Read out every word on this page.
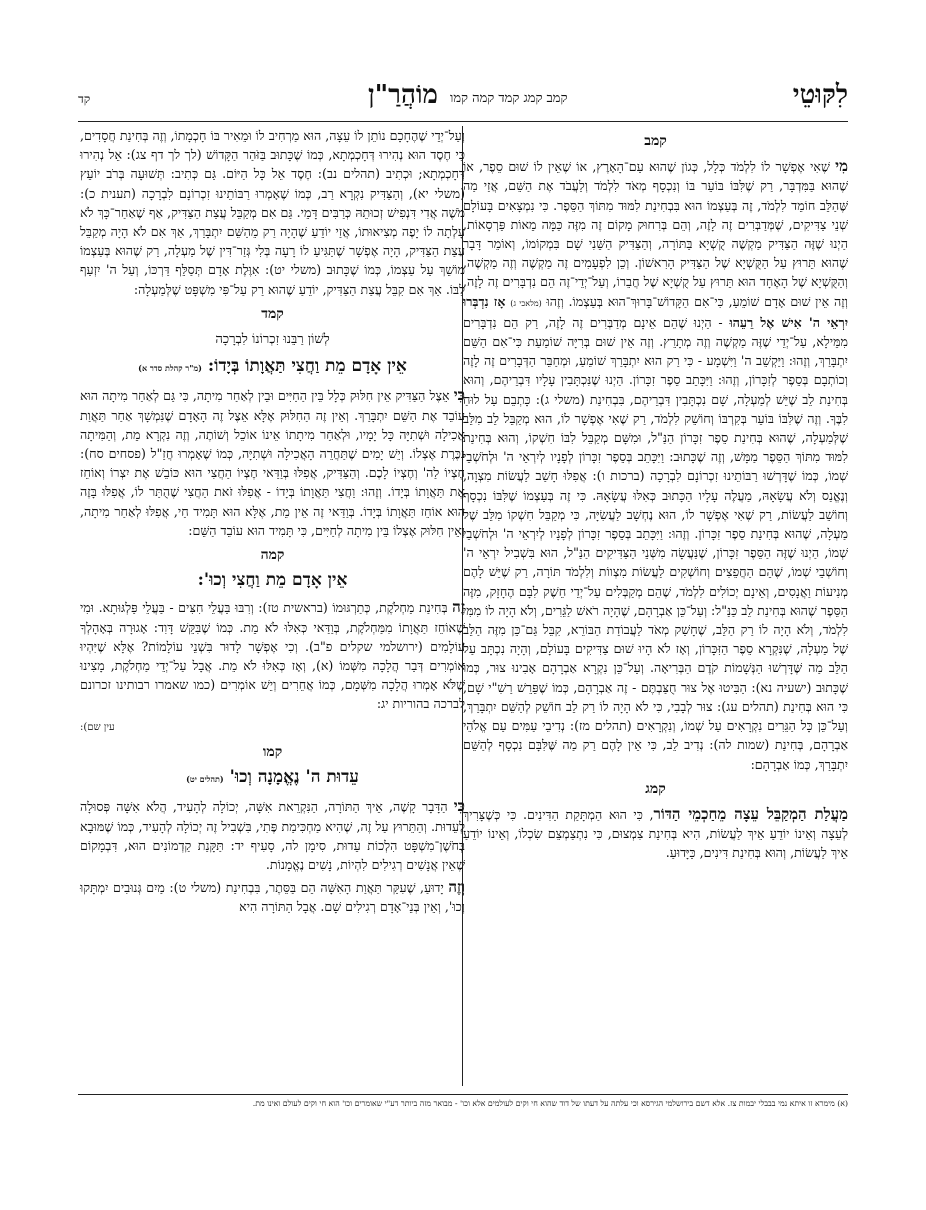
קד	מוֹהֲרַ"ן קמב קמג קמד קמה קמו	לִקּוּטֵי
קמב

מִי שֶׁאִי אֶפְשָׁר לוֹ לִלְמֹד כְּלָל, כְּגוֹן שֶׁהוּא עַם־הָאָרֶץ, אוֹ שֶׁאֵין לוֹ שׁוּם סֵפֶר, אוֹ שֶׁהוּא בַּמִּדְבָּר, רַק שֶׁלִּבּוֹ בּוֹעֵר בּוֹ וְנִכְסָף מְאֹד לִלְמֹד וְלַעֲבֹד אֶת הַשֵּׁם, אֲזַי מַה שֶּׁהַלֵּב חוֹמֵד לִלְמֹד, זֶה בְּעַצְמוֹ הוּא בִּבְחִינַת לִמּוּד מִתּוֹךְ הַסֵּפֶר. כִּי נִמְצָאִים בָּעוֹלָם שְׁנֵי צַדִּיקִים, שֶׁמְּדַבְּרִים זֶה לָזֶה, וְהֵם בְּרִחוּק מָקוֹם זֶה מִזֶּה כַּמָּה מֵאוֹת פַּרְסָאוֹת, הַיְנוּ שֶׁזֶּה הַצַּדִּיק מַקְשֶׁה קֻשְׁיָא בַּתּוֹרָה, וְהַצַּדִּיק הַשֵּׁנִי שָׁם בִּמְקוֹמוֹ, וְאוֹמֵר דָּבָר שֶׁהוּא תֵּרוּץ עַל הַקֻּשְׁיָא שֶׁל הַצַּדִּיק הָרִאשׁוֹן. וְכֵן לִפְעָמִים זֶה מַקְשֶׁה וְזֶה מַקְשֶׁה, וְהַקֻּשְׁיָא שֶׁל הָאֶחָד הוּא תֵּרוּץ עַל קֻשְׁיָא שֶׁל חֲבֵרוֹ, וְעַל־יְדֵי־זֶה הֵם נִדְבָּרִים זֶה לָזֶה, וְזֶה אֵין שׁוּם אָדָם שׁוֹמֵעַ, כִּי־אִם הַקָּדוֹשׁ־בָּרוּךְ־הוּא בְּעַצְמוֹ. וְזֶהוּ (מלאכי ג) אָז נִדְבְּרוּ יִרְאֵי ה' אִישׁ אֶל רֵעֵהוּ - הַיְנוּ שֶׁהֵם אֵינָם מְדַבְּרִים זֶה לָזֶה, רַק הֵם נִדְבָּרִים מִמֵּילָא, עַל־יְדֵי שֶׁזֶּה מַקְשֶׁה וְזֶה מְתָרֵץ. וְזֶה אֵין שׁוּם בְּרִיָּה שׁוֹמַעַת כִּי־אִם הַשֵּׁם יִתְבָּרַךְ, וְזֶהוּ: וַיַּקְשֵׁב ה' וַיִּשְׁמָע - כִּי רַק הוּא יִתְבָּרַךְ שׁוֹמֵעַ, וּמְחַבֵּר הַדְּבָרִים זֶה לָזֶה וְכוֹתְבָם בְּסֵפֶר לְזִכָּרוֹן, וְזֶהוּ: וַיִּכָּתֵב סֵפֶר זִכָּרוֹן. הַיְנוּ שֶׁנִּכְתָּבִין עָלָיו דִּבְרֵיהֶם, וְהוּא בְּחִינַת לֵב שֶׁיֵּשׁ לְמַעְלָה, שָׁם נִכְתָּבִין דִּבְרֵיהֶם, בִּבְחִינַת (משלי ג): כָּתְבֵם עַל לוּחַ לִבֶּךָ. וְזֶה שֶׁלִּבּוֹ בּוֹעֵר בְּקִרְבּוֹ וְחוֹשֵׁק לִלְמֹד, רַק שֶׁאִי אֶפְשָׁר לוֹ, הוּא מְקַבֵּל לֵב מִלֵּב שֶׁלְּמַעְלָה, שֶׁהוּא בְּחִינַת סֵפֶר זִכָּרוֹן הַנַּ"ל, וּמִשָּׁם מְקַבֵּל לִבּוֹ חִשְׁקוֹ, וְהוּא בְּחִינַת לִמּוּד מִתּוֹךְ הַסֵּפֶר מַמָּשׁ, וְזֶה שֶׁכָּתוּב: וַיִּכָּתֵב בְּסֵפֶר זִכָּרוֹן לְפָנָיו לְיִרְאֵי ה' וּלְחֹשְׁבֵי שְׁמוֹ, כְּמוֹ שֶׁדָּרְשׁוּ רַבּוֹתֵינוּ זִכְרוֹנָם לִבְרָכָה (ברכות ו): אֲפִלּוּ חָשַׁב לַעֲשׂוֹת מִצְוָה, וְנֶאֱנַס וְלֹא עֲשָׂאָהּ, מַעֲלֶה עָלָיו הַכָּתוּב כְּאִלּוּ עֲשָׂאָהּ. כִּי זֶה בְּעַצְמוֹ שֶׁלִּבּוֹ נִכְסָף וְחוֹשֵׁב לַעֲשׂוֹת, רַק שֶׁאִי אֶפְשָׁר לוֹ, הוּא נֶחְשָׁב לַעֲשִׂיָּה, כִּי מְקַבֵּל חִשְׁקוֹ מִלֵּב שֶׁל מַעְלָה, שֶׁהוּא בְּחִינַת סֵפֶר זִכָּרוֹן. וְזֶהוּ: וַיִּכָּתֵב בְּסֵפֶר זִכָּרוֹן לְפָנָיו לְיִרְאֵי ה' וּלְחֹשְׁבֵי שְׁמוֹ, הַיְנוּ שֶׁזֶּה הַסֵּפֶר זִכָּרוֹן, שֶׁנַּעֲשָׂה מִשְּׁנֵי הַצַּדִּיקִים הַנַּ"ל, הוּא בִּשְׁבִיל יִרְאֵי ה' וְחוֹשְׁבֵי שְׁמוֹ, שֶׁהֵם הַחֲפֵצִים וְחוֹשְׁקִים לַעֲשׂוֹת מִצְווֹת וְלִלְמֹד תּוֹרָה, רַק שֶׁיֵּשׁ לָהֶם מְנִיעוֹת וַאֲנָסִים, וְאֵינָם יְכוֹלִים לִלְמֹד, שֶׁהֵם מְקַבְּלִים עַל־יְדֵי חֵשֶׁק לִבָּם הֶחָזָק, מִזֶּה הַסֵּפֶר שֶׁהוּא בְּחִינַת לֵב כַּנַּ"ל: וְעַל־כֵּן אַבְרָהָם, שֶׁהָיָה רֹאשׁ לַגֵּרִים, וְלֹא הָיָה לוֹ מִמִּי לִלְמֹד, וְלֹא הָיָה לוֹ רַק הַלֵּב, שֶׁחָשַׁק מְאֹד לַעֲבוֹדַת הַבּוֹרֵא, קִבֵּל גַּם־כֵּן מִזֶּה הַלֵּב שֶׁל מַעְלָה, שֶׁנִּקְרָא סֵפֶר הַזִּכָּרוֹן, וְאָז לֹא הָיוּ שׁוּם צַדִּיקִים בָּעוֹלָם, וְהָיָה נִכְתָּב עַל הַלֵּב מַה שֶּׁדָּרְשׁוּ הַנְּשָׁמוֹת קֹדֶם הַבְּרִיאָה. וְעַל־כֵּן נִקְרָא אַבְרָהָם אָבִינוּ צוּר, כְּמוֹ שֶׁכָּתוּב (ישעיה נא): הַבִּיטוּ אֶל צוּר חֻצַּבְתֶּם - זֶה אַבְרָהָם, כְּמוֹ שֶׁפֵּרֵשׁ רַשִׁ"י שָׁם, כִּי הוּא בְּחִינַת (תהלים עג): צוּר לְבָבִי, כִּי לֹא הָיָה לוֹ רַק לֵב חוֹשֵׁק לְהַשֵּׁם יִתְבָּרַךְ, וְעַל־כֵּן כָּל הַגֵּרִים נִקְרָאִים עַל שְׁמוֹ, וְנִקְרָאִים (תהלים מז): נְדִיבֵי עַמִּים עַם אֱלֹהֵי אַבְרָהָם, בְּחִינַת (שמות לה): נְדִיב לֵב, כִּי אֵין לָהֶם רַק מַה שֶּׁלִּבָּם נִכְסָף לְהַשֵּׁם יִתְבָּרַךְ, כְּמוֹ אַבְרָהָם:

קמג

מַעֲלַת הַמְקַבֵּל עֵצָה מֵחַכְמֵי הַדּוֹר, כִּי הוּא הַמְתָּקַת הַדִּינִים. כִּי כְּשֶׁצָּרִיךְ לְעֵצָה וְאֵינוֹ יוֹדֵעַ אֵיךְ לַעֲשׂוֹת, הִיא בְּחִינַת צִמְצוּם, כִּי נִתְצַמְצֵם שִׂכְלוֹ, וְאֵינוֹ יוֹדֵעַ אֵיךְ לַעֲשׂוֹת, וְהוּא בְּחִינַת דִּינִים, כַּיָּדוּעַ.

וְעַל־יְדֵי שֶׁהֶחָכָם נוֹתֵן לוֹ עֵצָה, הוּא מַרְחִיב לוֹ וּמֵאִיר בּוֹ חָכְמָתוֹ, וְזֶה בְּחִינַת חֲסָדִים, כִּי חֶסֶד הוּא נְהִירוּ דְּחָכְמְתָא, כְּמוֹ שֶׁכָּתוּב בַּזֹּהַר הַקָּדוֹשׁ (לך לך דף צג): אֵל נְהִירוּ דְּחָכְמְתָא; וּכְתִיב (תהלים נב): חֶסֶד אֵל כָּל הַיּוֹם. גַּם כְּתִיב: תְּשׁוּעָה בְּרֹב יוֹעֵץ (משלי יא), וְהַצַּדִּיק נִקְרָא רַב, כְּמוֹ שֶׁאָמְרוּ רַבּוֹתֵינוּ זִכְרוֹנָם לִבְרָכָה (תענית כ): מֹשֶׁה אֲדִי דִּנְפִישׁ זְכוּתֵהּ כְּרַבִּים דָּמֵי. גַּם אִם מְקַבֵּל עֲצַת הַצַּדִּיק, אַף שֶׁאַחַר־כָּךְ לֹא עָלְתָה לוֹ יָפֶה מְצִיאוּתוֹ, אֲזַי יוֹדֵעַ שֶׁהָיָה רַק מֵהַשֵּׁם יִתְבָּרַךְ, אַךְ אִם לֹא הָיָה מְקַבֵּל עֲצַת הַצַּדִּיק, הָיָה אֶפְשָׁר שֶׁתַּגִּיעַ לוֹ רָעָה בְּלִי גְּזַר־דִּין שֶׁל מַעְלָה, רַק שֶׁהוּא בְּעַצְמוֹ מוֹשֵׁךְ עַל עַצְמוֹ, כְּמוֹ שֶׁכָּתוּב (משלי יט): אִוֶּלֶת אָדָם תְּסַלֵּף דַּרְכּוֹ, וְעַל ה' יִזְעַף לִבּוֹ. אַךְ אִם קִבֵּל עֲצַת הַצַּדִּיק, יוֹדֵעַ שֶׁהוּא רַק עַל־פִּי מִשְׁפָּט שֶׁלְּמַעְלָה:

קמד
לְשׁוֹן רַבֵּנוּ זִכְרוֹנוֹ לִבְרָכָה
אֵין אָדָם מֵת וַחֲצִי תַּאֲוָתוֹ בְּיָדוֹ: (מ"ר קהלת סדר א)

כִּי אֵצֶל הַצַּדִּיק אֵין חִלּוּק כְּלָל בֵּין הַחַיִּים וּבֵין לְאַחַר מִיתָה, כִּי גַּם לְאַחַר מִיתָה הוּא עוֹבֵד אֶת הַשֵּׁם יִתְבָּרַךְ. וְאֵין זֶה הַחִלּוּק אֶלָּא אֵצֶל זֶה הָאָדָם שֶׁנִּמְשָׁךְ אַחַר תַּאֲוַת אֲכִילָה וּשְׁתִיָּה כָּל יָמָיו, וּלְאַחַר מִיתָתוֹ אֵינוֹ אוֹכֵל וְשׁוֹתֶה, וְזֶה נִקְרָא מֵת, וְהַמִּיתָה נִכֶּרֶת אֶצְלוֹ. וְיֵשׁ יָמִים שֶׁתַּחֲרֵה הָאֲכִילָה וּשְׁתִיָּה, כְּמוֹ שֶׁאָמְרוּ חֲזַ"ל (פסחים סח): חֶצְיוֹ לַה' וְחֶצְיוֹ לָכֶם. וְהַצַּדִּיק, אֲפִלּוּ בְּוַדַּאי חֶצְיוֹ הַחֲצִי הוּא כּוֹבֵשׁ אֶת יִצְרוֹ וְאוֹחֵז אֶת תַּאֲוָתוֹ בְּיָדוֹ. וְזֶהוּ: וַחֲצִי תַּאֲוָתוֹ בְּיָדוֹ - אֲפִלּוּ זֹאת הַחֲצִי שֶׁהֻתַּר לוֹ, אֲפִלּוּ בָּזֶה הוּא אוֹחֵז תַּאֲוָתוֹ בְּיָדוֹ. בְּוַדַּאי זֶה אֵין מֵת, אֶלָּא הוּא תָּמִיד חַי, אֲפִלּוּ לְאַחַר מִיתָה, וְאֵין חִלּוּק אֶצְלוֹ בֵּין מִיתָה לְחַיִּים, כִּי תָּמִיד הוּא עוֹבֵד הַשֵּׁם:

קמה
אֵין אָדָם מֵת וַחֲצִי וְכוּ':

זֶה בְּחִינַת מַחְלֹקֶת, כְּתַרְגּוּמוֹ (בראשית טז): וְרִבּוּ בַּעֲלֵי חִצִּים - בַּעֲלֵי פַּלְגּוּתָא. וּמִי שֶׁאוֹחֵז תַּאֲוָתוֹ מִמַּחְלֹקֶת, בְּוַדַּאי כְּאִלּוּ לֹא מֵת. כְּמוֹ שֶׁבִּקֵּשׁ דָּוִד: אָגוּרָה בְּאָהָלְךָ עוֹלָמִים (ירושלמי שקלים פ"ב). וְכִי אֶפְשָׁר לָדוּר בִּשְׁנֵי עוֹלָמוֹת? אֶלָּא שֶׁיִּהְיוּ אוֹמְרִים דְּבַר הֲלָכָה מִשְּׁמוֹ (א), וְאָז כְּאִלּוּ לֹא מֵת. אֲבָל עַל־יְדֵי מַחְלֹקֶת, מָצִינוּ שֶׁלֹּא אָמְרוּ הֲלָכָה מִשְּׁמָם, כְּמוֹ אֲחֵרִים וְיֵשׁ אוֹמְרִים (כמו שאמרו רבותינו זכרונם לברכה בהוריות יג:

עין שם):
קמו
עֵדוּת ה' נֶאֱמָנָה וְכוּ' (תהלים יט)

כִּי הַדָּבָר קָשֶׁה, אֵיךְ הַתּוֹרָה, הַנִּקְרֵאת אִשָּׁה, יְכוֹלָה לְהָעִיד, הֲלֹא אִשָּׁה פְּסוּלָה לְעֵדוּת. וְהַתֵּרוּץ עַל זֶה, שֶׁהִיא מַחְכִּימַת פֶּתִי, בִּשְׁבִיל זֶה יְכוֹלָה לְהָעִיד, כְּמוֹ שֶׁמּוּבָא בְּחֹשֶׁן־מִשְׁפָּט הִלְכוֹת עֵדוּת, סִימָן לה, סָעִיף יד: תַּקָּנַת קַדְמוֹנִים הוּא, דִּבְמָקוֹם שֶׁאֵין אֲנָשִׁים רְגִילִים לִהְיוֹת, נָשִׁים נֶאֱמָנוֹת.

וְזֶה יָדוּעַ, שֶׁעִקַּר תַּאֲוַת הָאִשָּׁה הֵם בַּסֵּתֶר, בִּבְחִינַת (משלי ט): מַיִם גְּנוּבִים יִמְתָּקוּ וְכוּ', וְאֵין בְּנֵי־אָדָם רְגִילִים שָׁם. אֲבָל הַתּוֹרָה הִיא

(א) מימרא זו איתא נמי בבבלי יבמות צז. אלא דשם בירושלמי הגירסא וכי עלתה על דעתו של דוד שהוא חי וקים לעולמים אלא וכו' - מבואר מזה ביותר דע"י שאומרים וכו' הוא חי וקים לעולם ואינו מת.
